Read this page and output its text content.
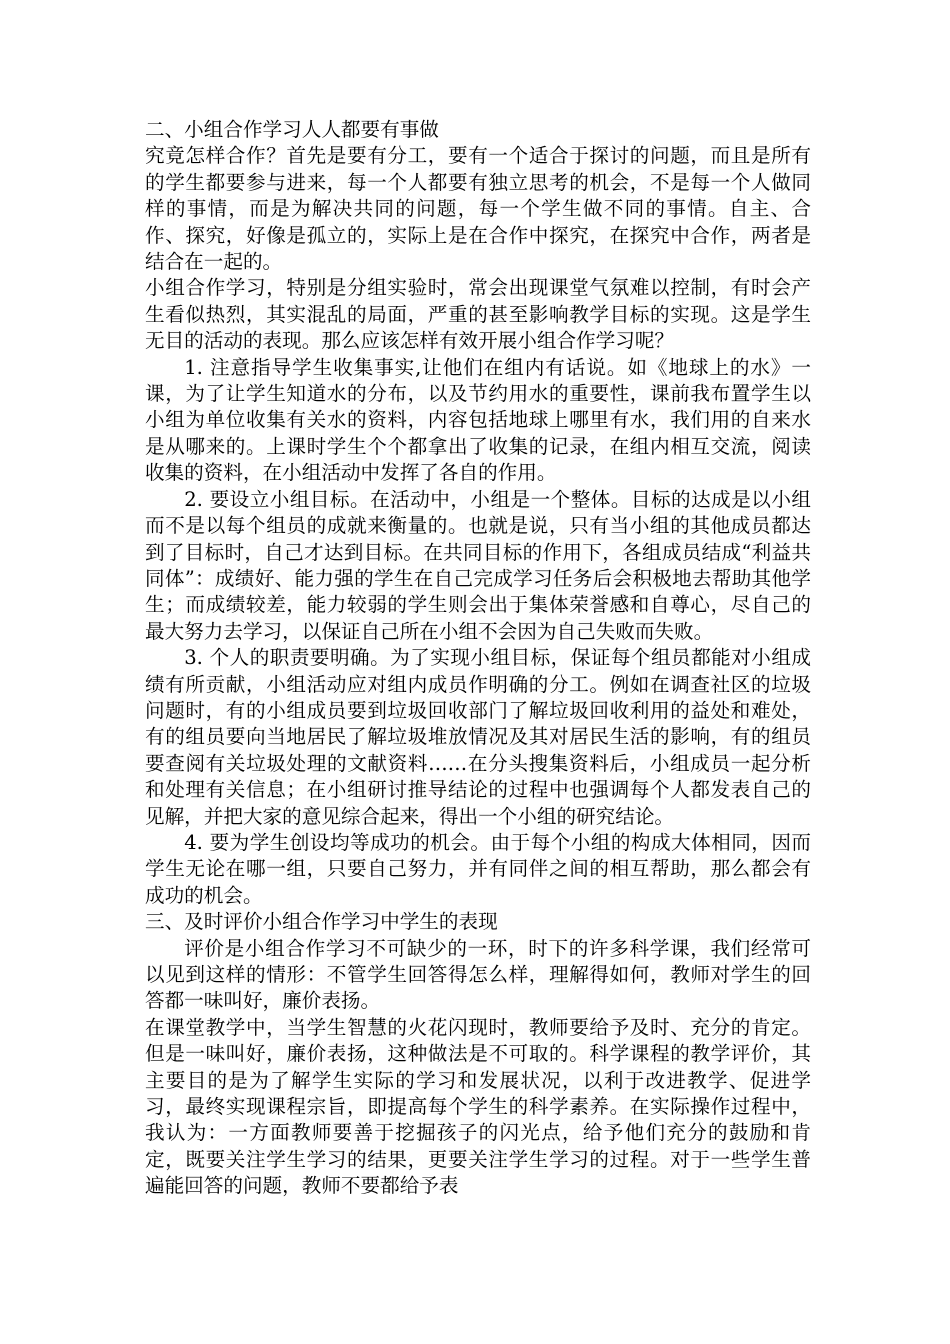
二、小组合作学习人人都要有事做

究竟怎样合作？首先是要有分工，要有一个适合于探讨的问题，而且是所有的学生都要参与进来，每一个人都要有独立思考的机会，不是每一个人做同样的事情，而是为解决共同的问题，每一个学生做不同的事情。自主、合作、探究，好像是孤立的，实际上是在合作中探究，在探究中合作，两者是结合在一起的。

小组合作学习，特别是分组实验时，常会出现课堂气氛难以控制，有时会产生看似热烈，其实混乱的局面，严重的甚至影响教学目标的实现。这是学生无目的活动的表现。那么应该怎样有效开展小组合作学习呢？

1. 注意指导学生收集事实,让他们在组内有话说。如《地球上的水》一课，为了让学生知道水的分布，以及节约用水的重要性，课前我布置学生以小组为单位收集有关水的资料，内容包括地球上哪里有水，我们用的自来水是从哪来的。上课时学生个个都拿出了收集的记录，在组内相互交流，阅读收集的资料，在小组活动中发挥了各自的作用。

2. 要设立小组目标。在活动中，小组是一个整体。目标的达成是以小组而不是以每个组员的成就来衡量的。也就是说，只有当小组的其他成员都达到了目标时，自己才达到目标。在共同目标的作用下，各组成员结成“利益共同体”：成绩好、能力强的学生在自己完成学习任务后会积极地去帮助其他学生；而成绩较差，能力较弱的学生则会出于集体荣誉感和自尊心，尽自己的最大努力去学习，以保证自己所在小组不会因为自己失败而失败。

3. 个人的职责要明确。为了实现小组目标，保证每个组员都能对小组成绩有所贡献，小组活动应对组内成员作明确的分工。例如在调查社区的垃圾问题时，有的小组成员要到垃圾回收部门了解垃圾回收利用的益处和难处，有的组员要向当地居民了解垃圾堆放情况及其对居民生活的影响，有的组员要查阅有关垃圾处理的文献资料……在分头搜集资料后，小组成员一起分析和处理有关信息；在小组研讨推导结论的过程中也强调每个人都发表自己的见解，并把大家的意见综合起来，得出一个小组的研究结论。

4. 要为学生创设均等成功的机会。由于每个小组的构成大体相同，因而学生无论在哪一组，只要自己努力，并有同伴之间的相互帮助，那么都会有成功的机会。

三、及时评价小组合作学习中学生的表现

评价是小组合作学习不可缺少的一环，时下的许多科学课，我们经常可以见到这样的情形：不管学生回答得怎么样，理解得如何，教师对学生的回答都一味叫好，廉价表扬。

在课堂教学中，当学生智慧的火花闪现时，教师要给予及时、充分的肯定。但是一味叫好，廉价表扬，这种做法是不可取的。科学课程的教学评价，其主要目的是为了解学生实际的学习和发展状况，以利于改进教学、促进学习，最终实现课程宗旨，即提高每个学生的科学素养。在实际操作过程中，我认为：一方面教师要善于挖掘孩子的闪光点，给予他们充分的鼓励和肯定，既要关注学生学习的结果，更要关注学生学习的过程。对于一些学生普遍能回答的问题，教师不要都给予表
